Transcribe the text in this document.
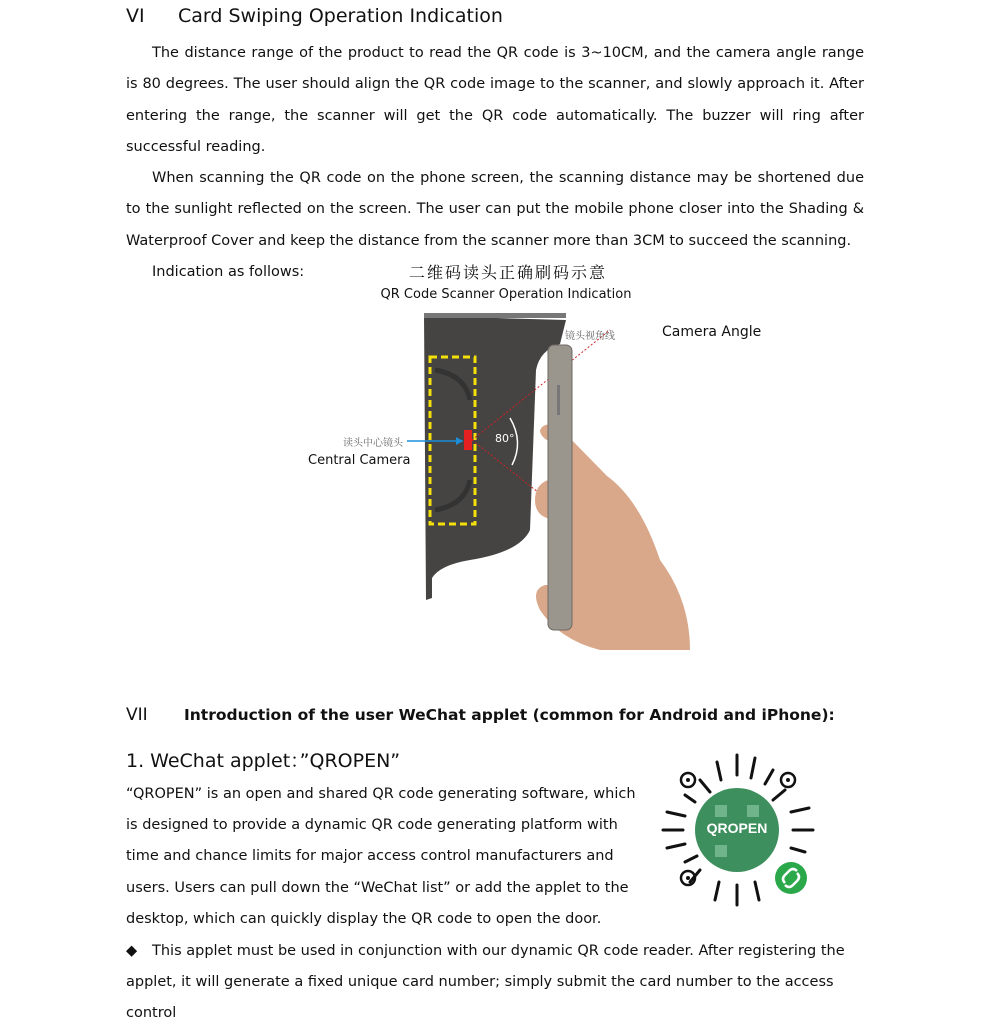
VI Card Swiping Operation Indication

The distance range of the product to read the QR code is 3~10CM, and the camera angle range is 80 degrees. The user should align the QR code image to the scanner, and slowly approach it. After entering the range, the scanner will get the QR code automatically. The buzzer will ring after successful reading.

When scanning the QR code on the phone screen, the scanning distance may be shortened due to the sunlight reflected on the screen. The user can put the mobile phone closer into the Shading & Waterproof Cover and keep the distance from the scanner more than 3CM to succeed the scanning.

Indication as follows:	二维码读头正确刷码示意
QR Code Scanner Operation Indication
镜头视角线	Camera Angle
读头中心镜头
Central Camera
80°
VII Introduction of the user WeChat applet (common for Android and iPhone):
1. WeChat applet：”QROPEN”

“QROPEN” is an open and shared QR code generating software, which is designed to provide a dynamic QR code generating platform with time and chance limits for major access control manufacturers and users. Users can pull down the “WeChat list” or add the applet to the desktop, which can quickly display the QR code to open the door.

QROPEN

◆ This applet must be used in conjunction with our dynamic QR code reader. After registering the applet, it will generate a fixed unique card number; simply submit the card number to the access control
